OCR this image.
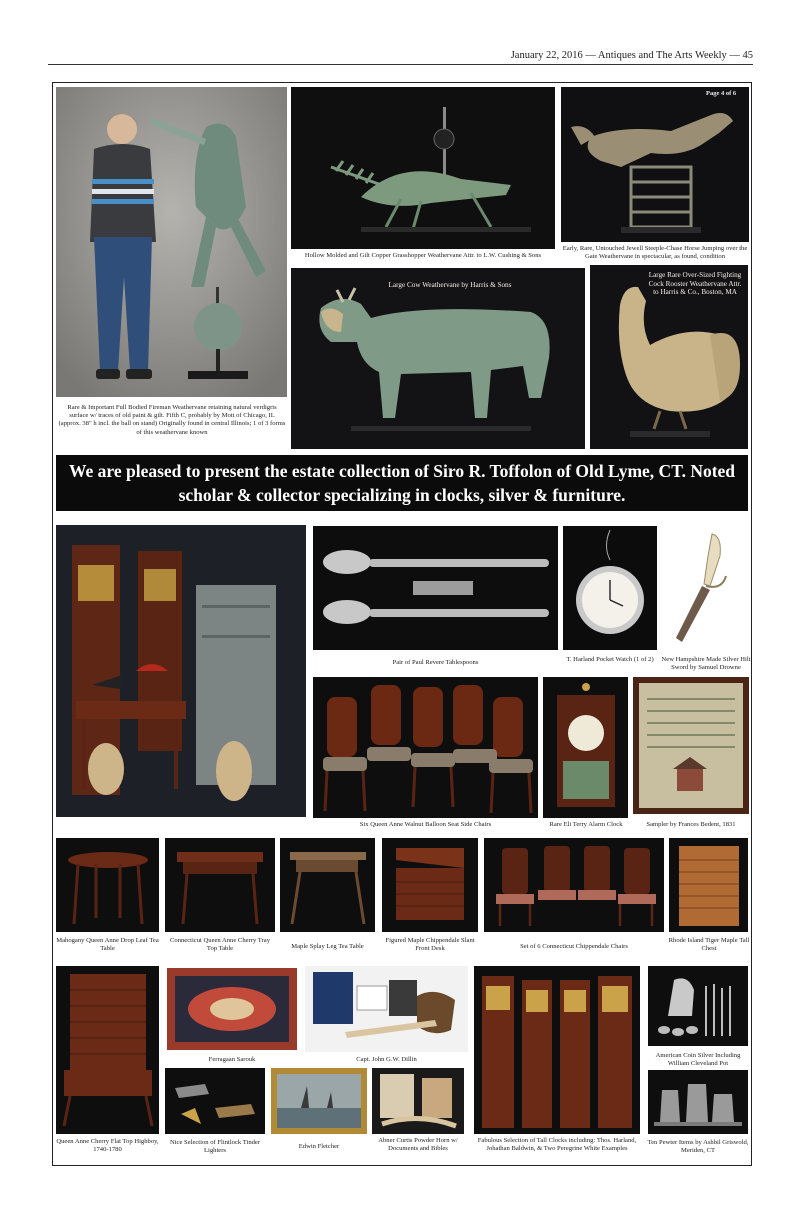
January 22, 2016 — Antiques and The Arts Weekly — 45
Rare & Important Full Bodied Fireman Weathervane retaining natural verdigris surface w/ traces of old paint & gilt. Fifth C, probably by Mott of Chicago, IL (approx. 38" h incl. the ball on stand) Originally found in central Illinois; 1 of 3 forms of this weathervane known
Hollow Molded and Gilt Copper Grasshopper Weathervane Attr. to L.W. Cushing & Sons
Page 4 of 6
Early, Rare, Untouched Jewell Steeple-Chase Horse Jumping over the Gate Weathervane in spectacular, as found, condition
Large Cow Weathervane by Harris & Sons
Large Rare Over-Sized Fighting Cock Rooster Weathervane Attr. to Harris & Co., Boston, MA
We are pleased to present the estate collection of Siro R. Toffolon of Old Lyme, CT. Noted scholar & collector specializing in clocks, silver & furniture.
Pair of Paul Revere Tablespoons	T. Harland Pocket Watch (1 of 2)	New Hampshire Made Silver Hilt Sword by Samuel Drowne
Six Queen Anne Walnut Balloon Seat Side Chairs	Rare Eli Terry Alarm Clock	Sampler by Frances Bedent, 1831
Mahogany Queen Anne Drop Leaf Tea Table
Connecticut Queen Anne Cherry Tray Top Table	Maple Splay Leg Tea Table
Figured Maple Chippendale Slant Front Desk	Set of 6 Connecticut Chippendale Chairs
Rhode Island Tiger Maple Tall Chest
Queen Anne Cherry Flat Top Highboy, 1740-1780
Ferragaan Sarouk	Capt. John G.W. Dillin
Nice Selection of Flintlock Tinder Lighters
Edwin Fletcher
Abner Curtis Powder Horn w/ Documents and Bibles
Fabulous Selection of Tall Clocks including: Thos. Harland, Johathan Baldwin, & Two Peregrine White Examples
American Coin Silver Including William Cleveland Pot
Ten Pewter Items by Ashbil Griswold, Meriden, CT
